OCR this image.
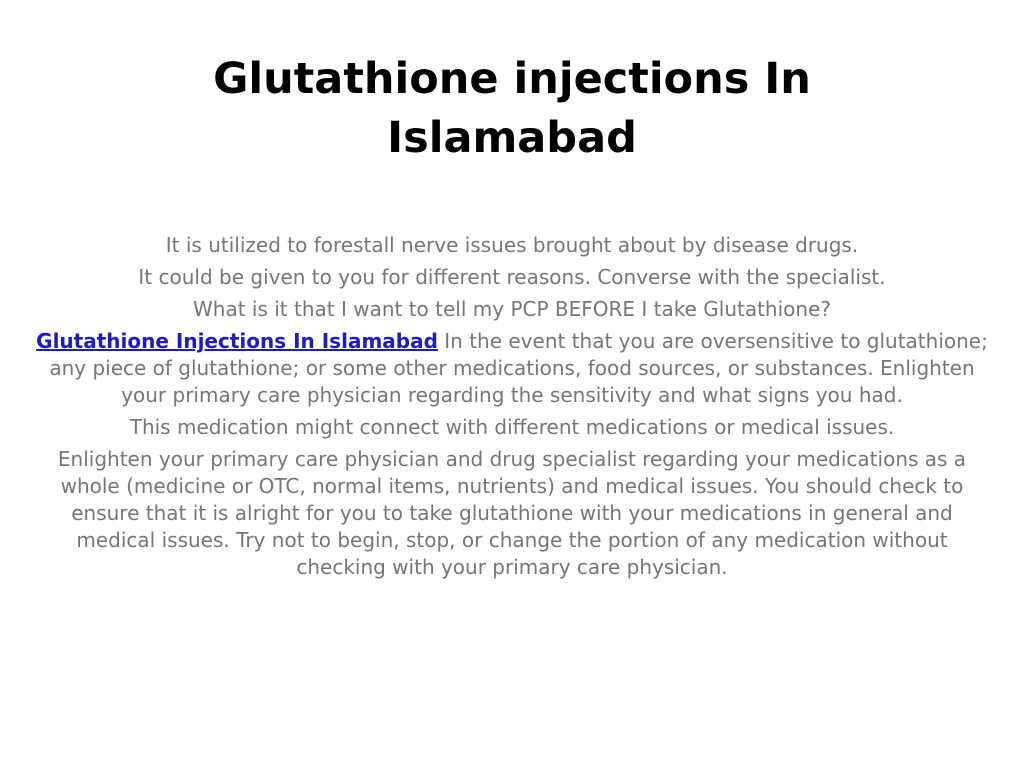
Glutathione injections In Islamabad

It is utilized to forestall nerve issues brought about by disease drugs.

It could be given to you for different reasons. Converse with the specialist.

What is it that I want to tell my PCP BEFORE I take Glutathione?

Glutathione Injections In Islamabad In the event that you are oversensitive to glutathione; any piece of glutathione; or some other medications, food sources, or substances. Enlighten your primary care physician regarding the sensitivity and what signs you had.

This medication might connect with different medications or medical issues.

Enlighten your primary care physician and drug specialist regarding your medications as a whole (medicine or OTC, normal items, nutrients) and medical issues. You should check to ensure that it is alright for you to take glutathione with your medications in general and medical issues. Try not to begin, stop, or change the portion of any medication without checking with your primary care physician.
